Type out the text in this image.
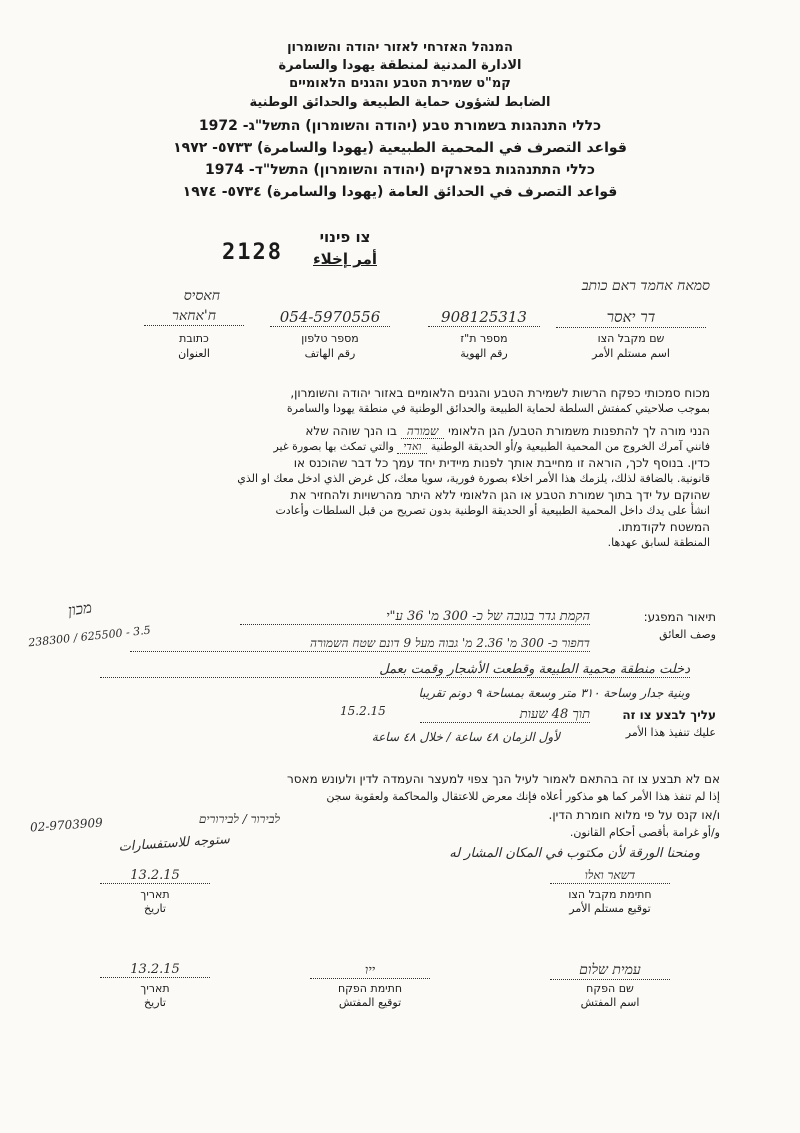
המנהל האזרחי לאזור יהודה והשומרון
الادارة المدنية لمنطقة يهودا والسامرة
קמ"ט שמירת הטבע והגנים הלאומיים
الضابط لشؤون حماية الطبيعة والحدائق الوطنية
כללי התנהגות בשמורת טבע (יהודה והשומרון) התשל"ג- 1972
قواعد التصرف في المحمية الطبيعية (يهودا والسامرة) ٥٧٣٣- ١٩٧٢
כללי התתנהגות בפארקים (יהודה והשומרון) התשל"ד- 1974
قواعد التصرف في الحدائق العامة (يهودا والسامرة) ٥٧٣٤- ١٩٧٤
צו פינוי
أمر إخلاء
2128
סמאח אחמד ראם כותב
חאסיס
דר יאסר
908125313
054-5970556
ח'אחאר
שם מקבל הצו
اسم مستلم الأمر
מספר ת"ז
رقم الهوية
מספר טלפון
رقم الهاتف
כתובת
العنوان
מכוח סמכותי כפקח הרשות לשמירת הטבע והגנים הלאומיים באזור יהודה והשומרון,
بموجب صلاحيتي كمفتش السلطة لحماية الطبيعة والحدائق الوطنية في منطقة يهودا والسامرة
הנני מורה לך להתפנות משמורת הטבע/ הגן הלאומי שמורה בו הנך שוהה שלא
فانني آمرك الخروج من المحمية الطبيعية و/أو الحديقة الوطنية ואדי والتي تمكث بها بصورة غير
כדין. בנוסף לכך, הוראה זו מחייבת אותך לפנות מיידית יחד עמך כל דבר שהוכנס או
قانونية. بالضافة لذلك، يلزمك هذا الأمر اخلاء بصورة فورية، سويا معك، كل غرض الذي ادخل معك او الذي
שהוקם על ידך בתוך שמורת הטבע או הגן הלאומי ללא היתר מהרשויות ולהחזיר את
انشأ على يدك داخل المحمية الطبيعية أو الحديقة الوطنية بدون تصريح من قبل السلطات وأعادت
המשטח לקודמתו.
المنطقة لسابق عهدها.
מכון
238300 / 625500 - 3.5
תיאור המפגע:
وصف العائق
הקמת גדר בגובה של כ- 300 מ' 36 ע"י
דחפור כ- 300 מ' 2.36 מ' גבוה מעל 9 דונם שטח השמורה
دخلت منطقة محمية الطبيعة وقطعت الأشجار وقمت بعمل
وبنية جدار وساحة ٣١٠ متر وسعة بمساحة ٩ دونم تقريبا
עליך לבצע צו זה
عليك تنفيذ هذا الأمر
תוך 48 שעות
15.2.15
لأول الزمان ٤٨ ساعة / خلال ٤٨ ساعة
אם לא תבצע צו זה בהתאם לאמור לעיל הנך צפוי למעצר והעמדה לדין ולעונש מאסר
إذا لم تنفذ هذا الأمر كما هو مذكور أعلاه فإنك معرض للاعتقال والمحاكمة ولعقوبة سجن
ו/או קנס על פי מלוא חומרת הדין.
و/أو غرامة بأقصى أحكام القانون.
02-9703909	לבירור / לבירורים
ستوجه للاستفسارات	ومنحنا الورقة لأن مكتوب في المكان المشار له
13.2.15
תאריך
تاريخ
דשאר ואלו
חתימת מקבל הצו
توقيع مستلم الأمر
13.2.15
תאריך
تاريخ
ייו
חתימת הפקח
توقيع المفتش
עמית שלום
שם הפקח
اسم المفتش
